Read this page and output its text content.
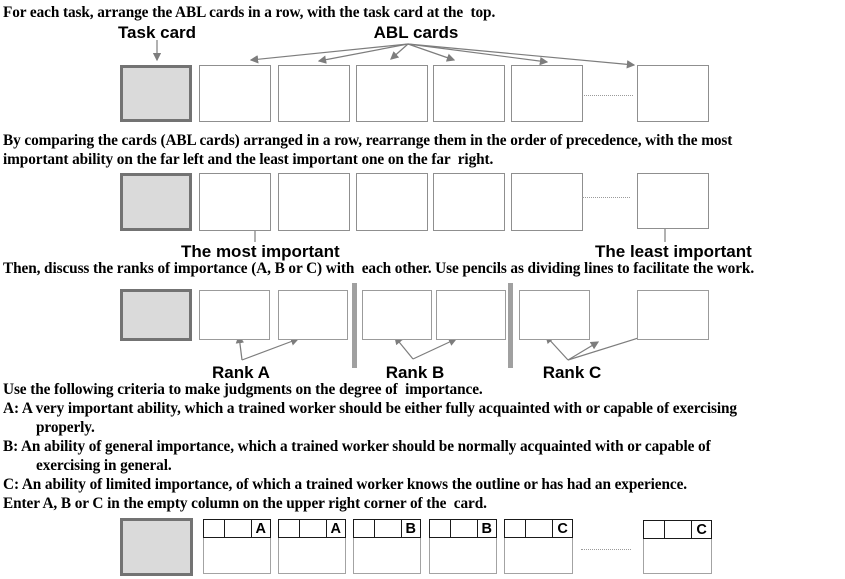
For each task, arrange the ABL cards in a row, with the task card at the  top.
Task card	ABL cards
By comparing the cards (ABL cards) arranged in a row, rearrange them in the order of precedence, with the most
important ability on the far left and the least important one on the far  right.
The most important	The least important
Then, discuss the ranks of importance (A, B or C) with  each other. Use pencils as dividing lines to facilitate the work.
Rank A	Rank B	Rank C
Use the following criteria to make judgments on the degree of  importance.
A: A very important ability, which a trained worker should be either fully acquainted with or capable of exercising
properly.
B: An ability of general importance, which a trained worker should be normally acquainted with or capable of
exercising in general.
C: An ability of limited importance, of which a trained worker knows the outline or has had an experience.
Enter A, B or C in the empty column on the upper right corner of the  card.
A	A	B	B	C	C
